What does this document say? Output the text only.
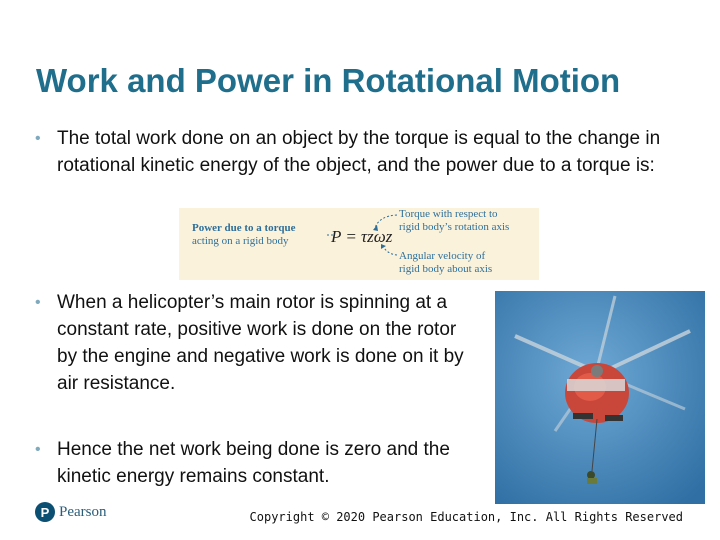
Work and Power in Rotational Motion
• The total work done on an object by the torque is equal to the change in rotational kinetic energy of the object, and the power due to a torque is:
Power due to a torque
acting on a rigid body P = τzωz
Torque with respect to
rigid body’s rotation axis
Angular velocity of
rigid body about axis
• When a helicopter’s main rotor is spinning at a constant rate, positive work is done on the rotor by the engine and negative work is done on it by air resistance.
• Hence the net work being done is zero and the kinetic energy remains constant.
P Pearson	Copyright © 2020 Pearson Education, Inc. All Rights Reserved
